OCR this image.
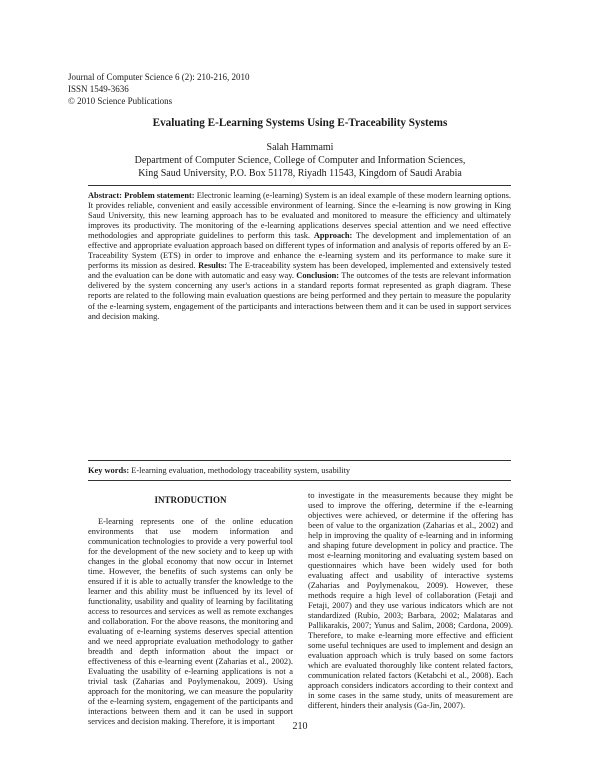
Journal of Computer Science 6 (2): 210-216, 2010
ISSN 1549-3636
© 2010 Science Publications
Evaluating E-Learning Systems Using E-Traceability Systems
Salah Hammami
Department of Computer Science, College of Computer and Information Sciences,
King Saud University, P.O. Box 51178, Riyadh 11543, Kingdom of Saudi Arabia
Abstract: Problem statement: Electronic learning (e-learning) System is an ideal example of these modern learning options. It provides reliable, convenient and easily accessible environment of learning. Since the e-learning is now growing in King Saud University, this new learning approach has to be evaluated and monitored to measure the efficiency and ultimately improves its productivity. The monitoring of the e-learning applications deserves special attention and we need effective methodologies and appropriate guidelines to perform this task. Approach: The development and implementation of an effective and appropriate evaluation approach based on different types of information and analysis of reports offered by an E-Traceability System (ETS) in order to improve and enhance the e-learning system and its performance to make sure it performs its mission as desired. Results: The E-traceability system has been developed, implemented and extensively tested and the evaluation can be done with automatic and easy way. Conclusion: The outcomes of the tests are relevant information delivered by the system concerning any user's actions in a standard reports format represented as graph diagram. These reports are related to the following main evaluation questions are being performed and they pertain to measure the popularity of the e-learning system, engagement of the participants and interactions between them and it can be used in support services and decision making.
Key words: E-learning evaluation, methodology traceability system, usability
INTRODUCTION

E-learning represents one of the online education environments that use modern information and communication technologies to provide a very powerful tool for the development of the new society and to keep up with changes in the global economy that now occur in Internet time. However, the benefits of such systems can only be ensured if it is able to actually transfer the knowledge to the learner and this ability must be influenced by its level of functionality, usability and quality of learning by facilitating access to resources and services as well as remote exchanges and collaboration. For the above reasons, the monitoring and evaluating of e-learning systems deserves special attention and we need appropriate evaluation methodology to gather breadth and depth information about the impact or effectiveness of this e-learning event (Zaharias et al., 2002). Evaluating the usability of e-learning applications is not a trivial task (Zaharias and Poylymenakou, 2009). Using approach for the monitoring, we can measure the popularity of the e-learning system, engagement of the participants and interactions between them and it can be used in support services and decision making. Therefore, it is important

to investigate in the measurements because they might be used to improve the offering, determine if the e-learning objectives were achieved, or determine if the offering has been of value to the organization (Zaharias et al., 2002) and help in improving the quality of e-learning and in informing and shaping future development in policy and practice. The most e-learning monitoring and evaluating system based on questionnaires which have been widely used for both evaluating affect and usability of interactive systems (Zaharias and Poylymenakou, 2009). However, these methods require a high level of collaboration (Fetaji and Fetaji, 2007) and they use various indicators which are not standardized (Rubio, 2003; Barbara, 2002; Malataras and Pallikarakis, 2007; Yunus and Salim, 2008; Cardona, 2009). Therefore, to make e-learning more effective and efficient some useful techniques are used to implement and design an evaluation approach which is truly based on some factors which are evaluated thoroughly like content related factors, communication related factors (Ketabchi et al., 2008). Each approach considers indicators according to their context and in some cases in the same study, units of measurement are different, hinders their analysis (Ga-Jin, 2007).

210
